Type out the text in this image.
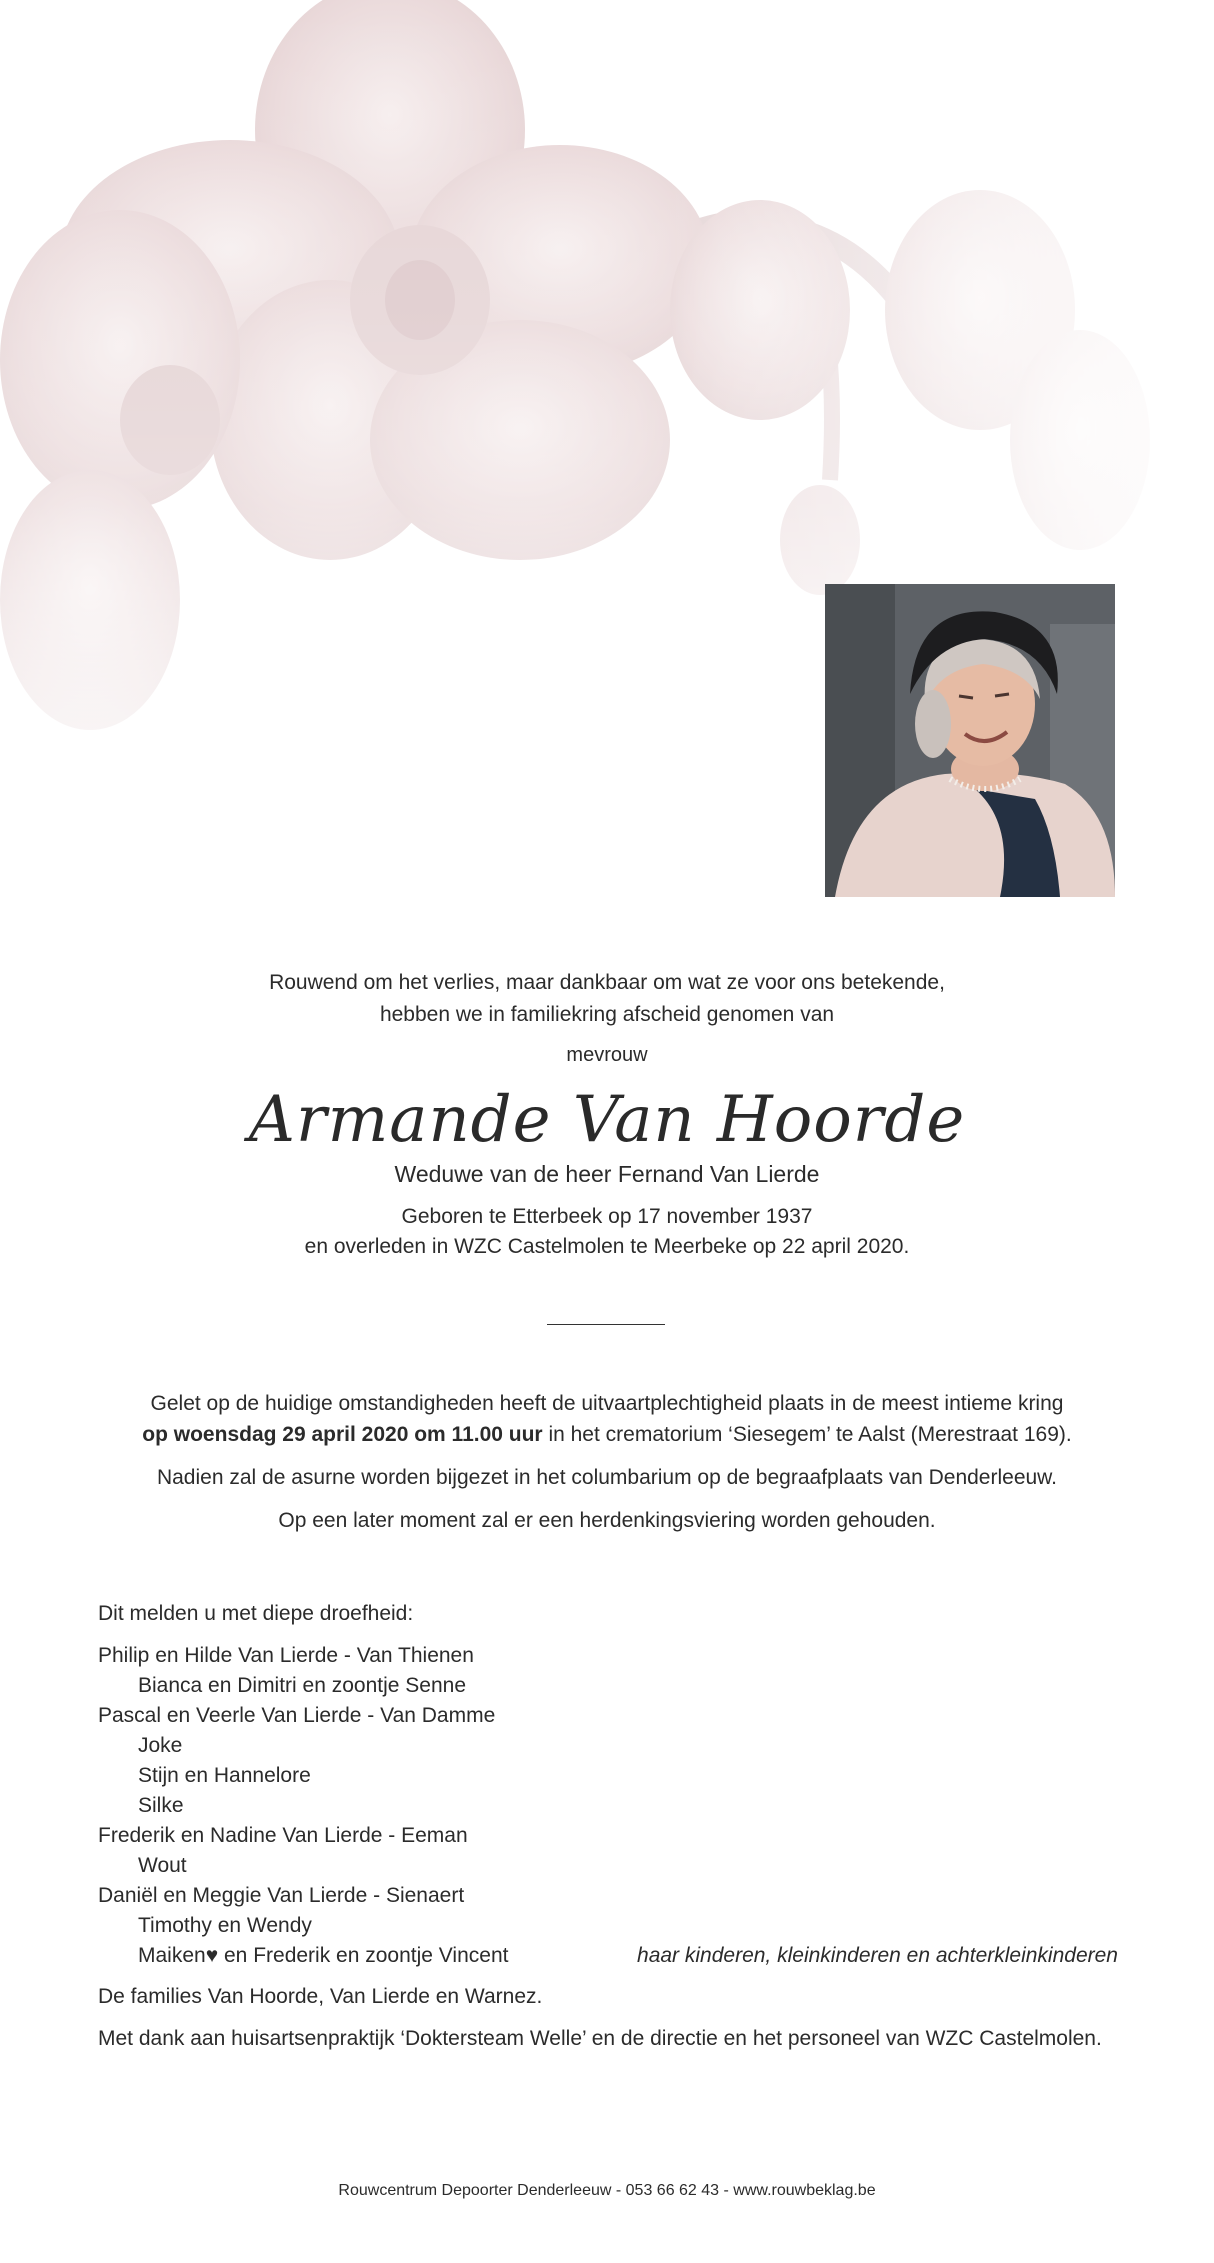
Rouwend om het verlies, maar dankbaar om wat ze voor ons betekende,
hebben we in familiekring afscheid genomen van
mevrouw
Armande Van Hoorde
Weduwe van de heer Fernand Van Lierde
Geboren te Etterbeek op 17 november 1937
en overleden in WZC Castelmolen te Meerbeke op 22 april 2020.
Gelet op de huidige omstandigheden heeft de uitvaartplechtigheid plaats in de meest intieme kring
op woensdag 29 april 2020 om 11.00 uur in het crematorium ‘Siesegem’ te Aalst (Merestraat 169).
Nadien zal de asurne worden bijgezet in het columbarium op de begraafplaats van Denderleeuw.
Op een later moment zal er een herdenkingsviering worden gehouden.
Dit melden u met diepe droefheid:
Philip en Hilde Van Lierde - Van Thienen
Bianca en Dimitri en zoontje Senne
Pascal en Veerle Van Lierde - Van Damme
Joke
Stijn en Hannelore
Silke
Frederik en Nadine Van Lierde - Eeman
Wout
Daniël en Meggie Van Lierde - Sienaert
Timothy en Wendy
Maiken♥ en Frederik en zoontje Vincent	haar kinderen, kleinkinderen en achterkleinkinderen
De families Van Hoorde, Van Lierde en Warnez.
Met dank aan huisartsenpraktijk ‘Doktersteam Welle’ en de directie en het personeel van WZC Castelmolen.
Rouwcentrum Depoorter Denderleeuw - 053 66 62 43 - www.rouwbeklag.be
